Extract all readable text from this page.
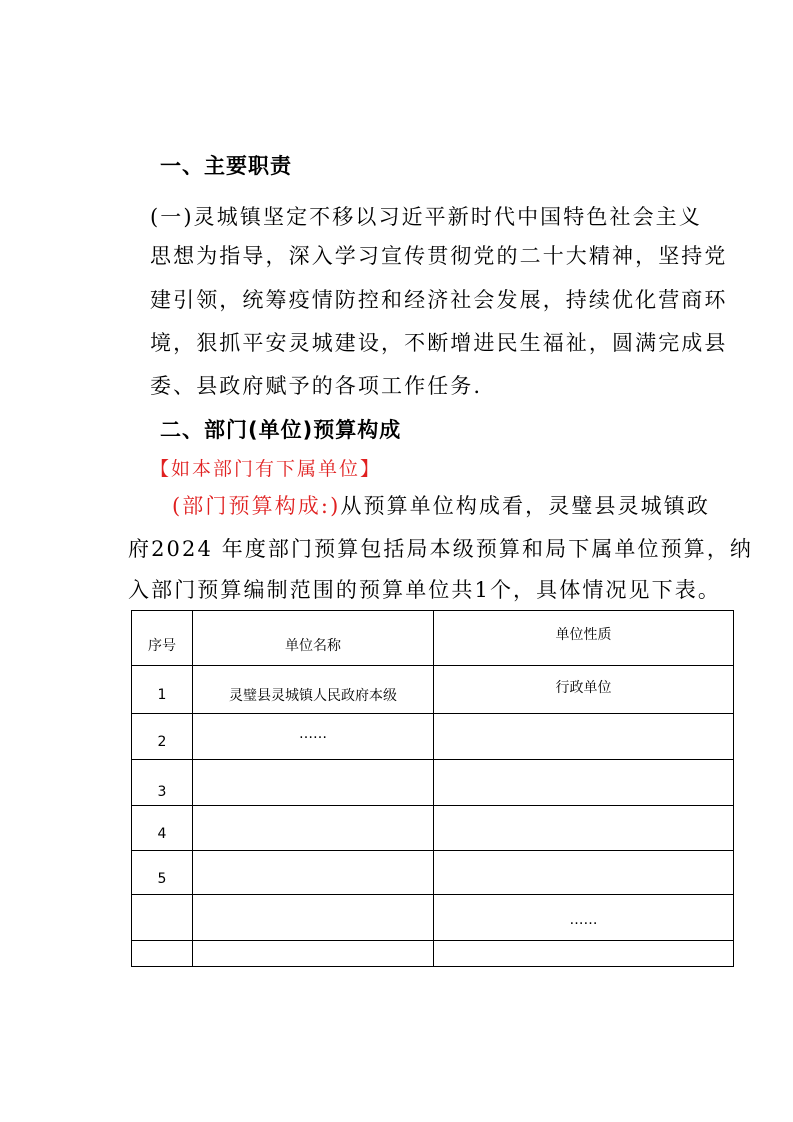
一、主要职责
(一)灵城镇坚定不移以习近平新时代中国特色社会主义
思想为指导，深入学习宣传贯彻党的二十大精神，坚持党
建引领，统筹疫情防控和经济社会发展，持续优化营商环
境，狠抓平安灵城建设，不断增进民生福祉，圆满完成县
委、县政府赋予的各项工作任务.
二、部门(单位)预算构成
【如本部门有下属单位】
(部门预算构成:)从预算单位构成看，灵璧县灵城镇政
府2024 年度部门预算包括局本级预算和局下属单位预算，纳
入部门预算编制范围的预算单位共1个，具体情况见下表。
序号	单位名称	单位性质
1	灵璧县灵城镇人民政府本级	行政单位
2	……	
3		
4		
5		
		……
